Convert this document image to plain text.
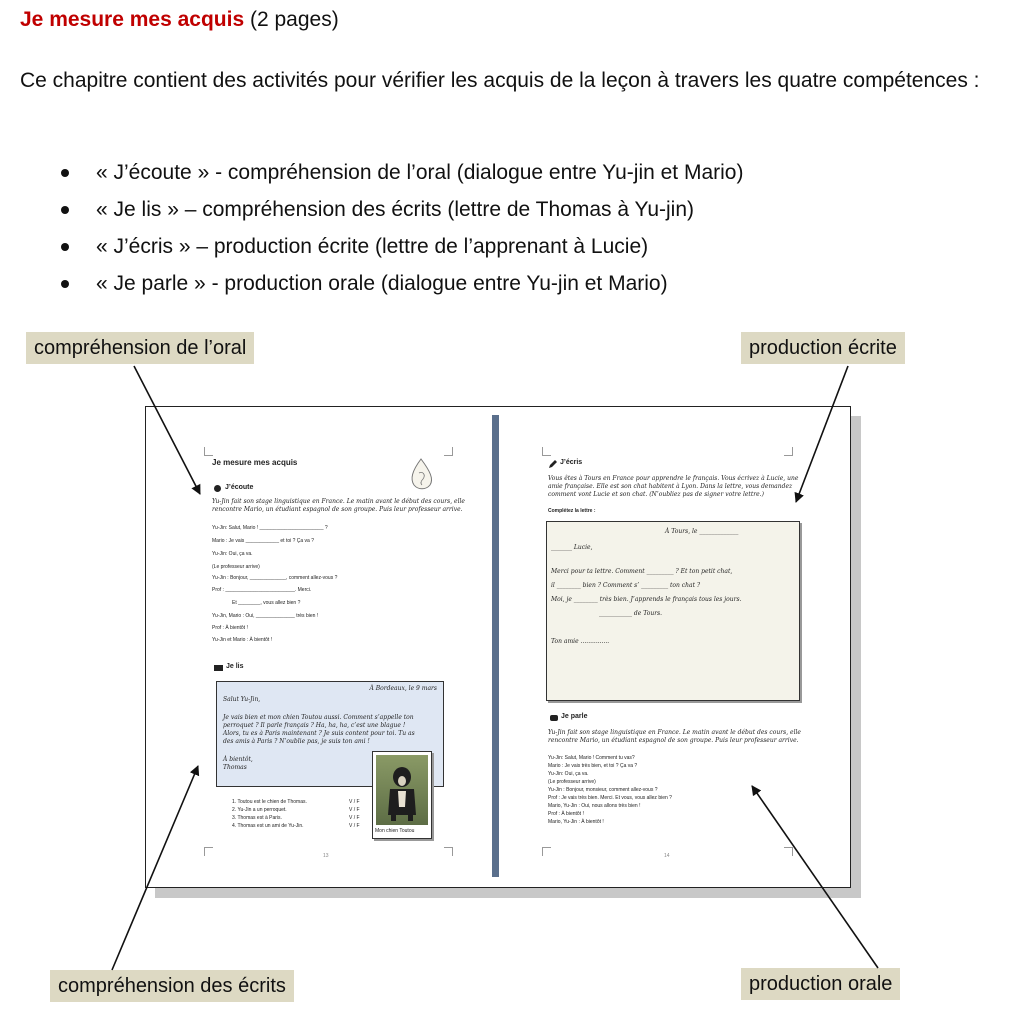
Je mesure mes acquis (2 pages)
Ce chapitre contient des activités pour vérifier les acquis de la leçon à travers les quatre compétences :
« J’écoute » - compréhension de l’oral (dialogue entre Yu-jin et Mario)
« Je lis » – compréhension des écrits (lettre de Thomas à Yu-jin)
« J’écris » – production écrite (lettre de l’apprenant à Lucie)
« Je parle » - production orale (dialogue entre Yu-jin et Mario)
compréhension de l’oral	production écrite
compréhension des écrits	production orale
Je mesure mes acquis
J’écoute
Yu-Jin fait son stage linguistique en France. Le matin avant le début des cours, elle
rencontre Mario, un étudiant espagnol de son groupe. Puis leur professeur arrive.
Yu-Jin: Salut, Mario ! _______________________ ?
Mario : Je vais ____________ et toi ? Ça va ?
Yu-Jin: Oui, ça va.
(Le professeur arrive)
Yu-Jin : Bonjour, _____________, comment allez-vous ?
Prof : _________________________. Merci.
Et ________, vous allez bien ?
Yu-Jin, Mario : Oui, ______________ très bien !
Prof : À bientôt !
Yu-Jin et Mario : À bientôt !
Je lis
À Bordeaux, le 9 mars
Salut Yu-Jin,
Je vais bien et mon chien Toutou aussi. Comment s’appelle ton
perroquet ? Il parle français ? Ha, ha, ha, c’est une blague !
Alors, tu es à Paris maintenant ? Je suis content pour toi. Tu as
des amis à Paris ? N’oublie pas, je suis ton ami !
À bientôt,
Thomas
Mon chien Toutou
1. Toutou est le chien de Thomas.
2. Yu-Jin a un perroquet.
3. Thomas est à Paris.
4. Thomas est un ami de Yu-Jin.
V / F
V / F
V / F
V / F
13
J’écris
Vous êtes à Tours en France pour apprendre le français. Vous écrivez à Lucie, une
amie française. Elle est son chat habitent à Lyon. Dans la lettre, vous demandez
comment vont Lucie et son chat. (N’oubliez pas de signer votre lettre.)
Complétez la lettre :
À Tours, le _____________
_______ Lucie,
Merci pour ta lettre. Comment _________ ? Et ton petit chat,
il ________ bien ? Comment s’ _________ ton chat ?
Moi, je ________ très bien. J’apprends le français tous les jours.
___________ de Tours.
Ton amie ...............
Je parle
Yu-Jin fait son stage linguistique en France. Le matin avant le début des cours, elle
rencontre Mario, un étudiant espagnol de son groupe. Puis leur professeur arrive.
Yu-Jin: Salut, Mario ! Comment tu vas?
Mario : Je vais très bien, et toi ? Ça va ?
Yu-Jin: Oui, ça va.
(Le professeur arrive)
Yu-Jin : Bonjour, monsieur, comment allez-vous ?
Prof : Je vais très bien. Merci. Et vous, vous allez bien ?
Mario, Yu-Jin : Oui, nous allons très bien !
Prof : À bientôt !
Mario, Yu-Jin : À bientôt !
14
